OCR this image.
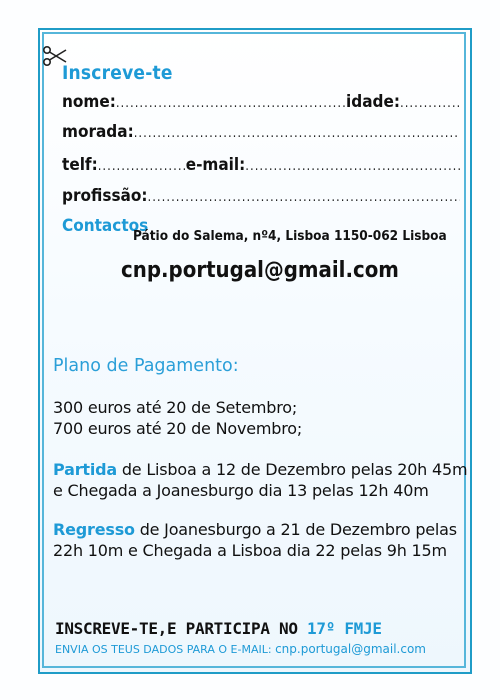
Inscreve-te
nome: .....	idade:
.....
morada:
.....
telf: .....	e-mail:
.....
profissão:
.....
Contactos
Pátio do Salema, nº4, Lisboa 1150-062 Lisboa
cnp.portugal@gmail.com
Plano de Pagamento:
300 euros até 20 de Setembro;
700 euros até 20 de Novembro;
Partida de Lisboa a 12 de Dezembro pelas 20h 45m
e Chegada a Joanesburgo dia 13 pelas 12h 40m
Regresso de Joanesburgo a 21 de Dezembro pelas
22h 10m e Chegada a Lisboa dia 22 pelas 9h 15m
INSCREVE-TE,E PARTICIPA NO 17º FMJE
ENVIA OS TEUS DADOS PARA O E-MAIL: cnp.portugal@gmail.com
